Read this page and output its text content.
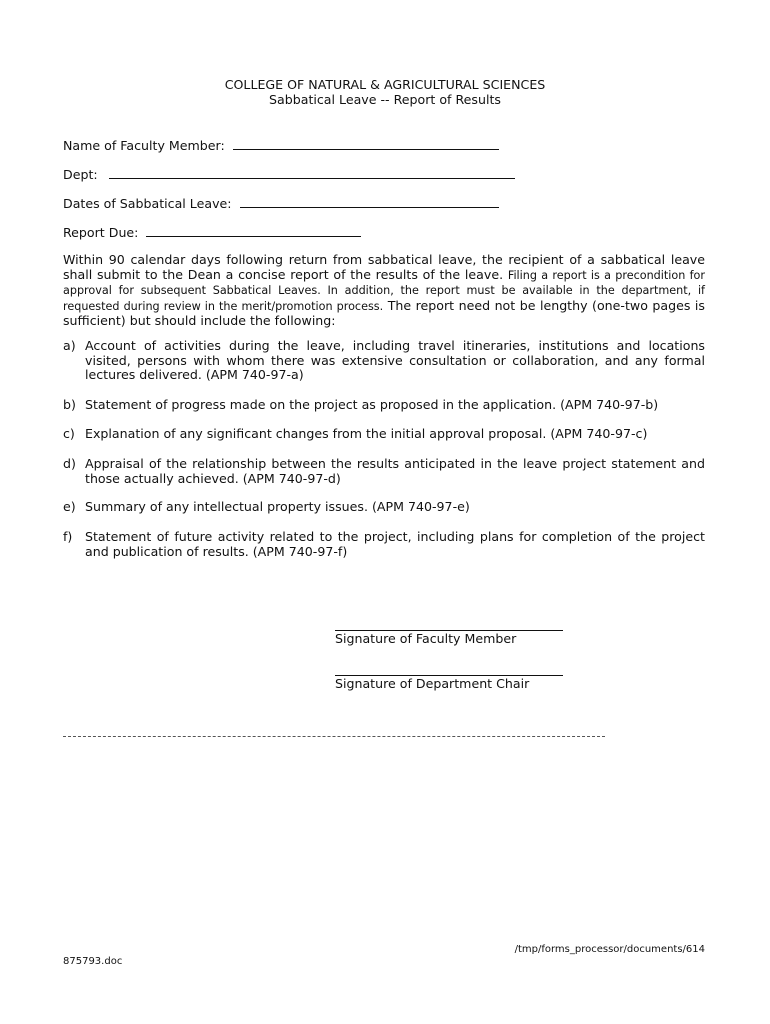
COLLEGE OF NATURAL & AGRICULTURAL SCIENCES
Sabbatical Leave -- Report of Results
Name of Faculty Member:
Dept:
Dates of Sabbatical Leave:
Report Due:
Within 90 calendar days following return from sabbatical leave, the recipient of a sabbatical leave shall submit to the Dean a concise report of the results of the leave. Filing a report is a precondition for approval for subsequent Sabbatical Leaves. In addition, the report must be available in the department, if requested during review in the merit/promotion process. The report need not be lengthy (one-two pages is sufficient) but should include the following:
a) Account of activities during the leave, including travel itineraries, institutions and locations visited, persons with whom there was extensive consultation or collaboration, and any formal lectures delivered. (APM 740-97-a)
b) Statement of progress made on the project as proposed in the application. (APM 740-97-b)
c) Explanation of any significant changes from the initial approval proposal. (APM 740-97-c)
d) Appraisal of the relationship between the results anticipated in the leave project statement and those actually achieved. (APM 740-97-d)
e) Summary of any intellectual property issues. (APM 740-97-e)
f)	Statement of future activity related to the project, including plans for completion of the project and publication of results. (APM 740-97-f)
Signature of Faculty Member
Signature of Department Chair
/tmp/forms_processor/documents/614
875793.doc
